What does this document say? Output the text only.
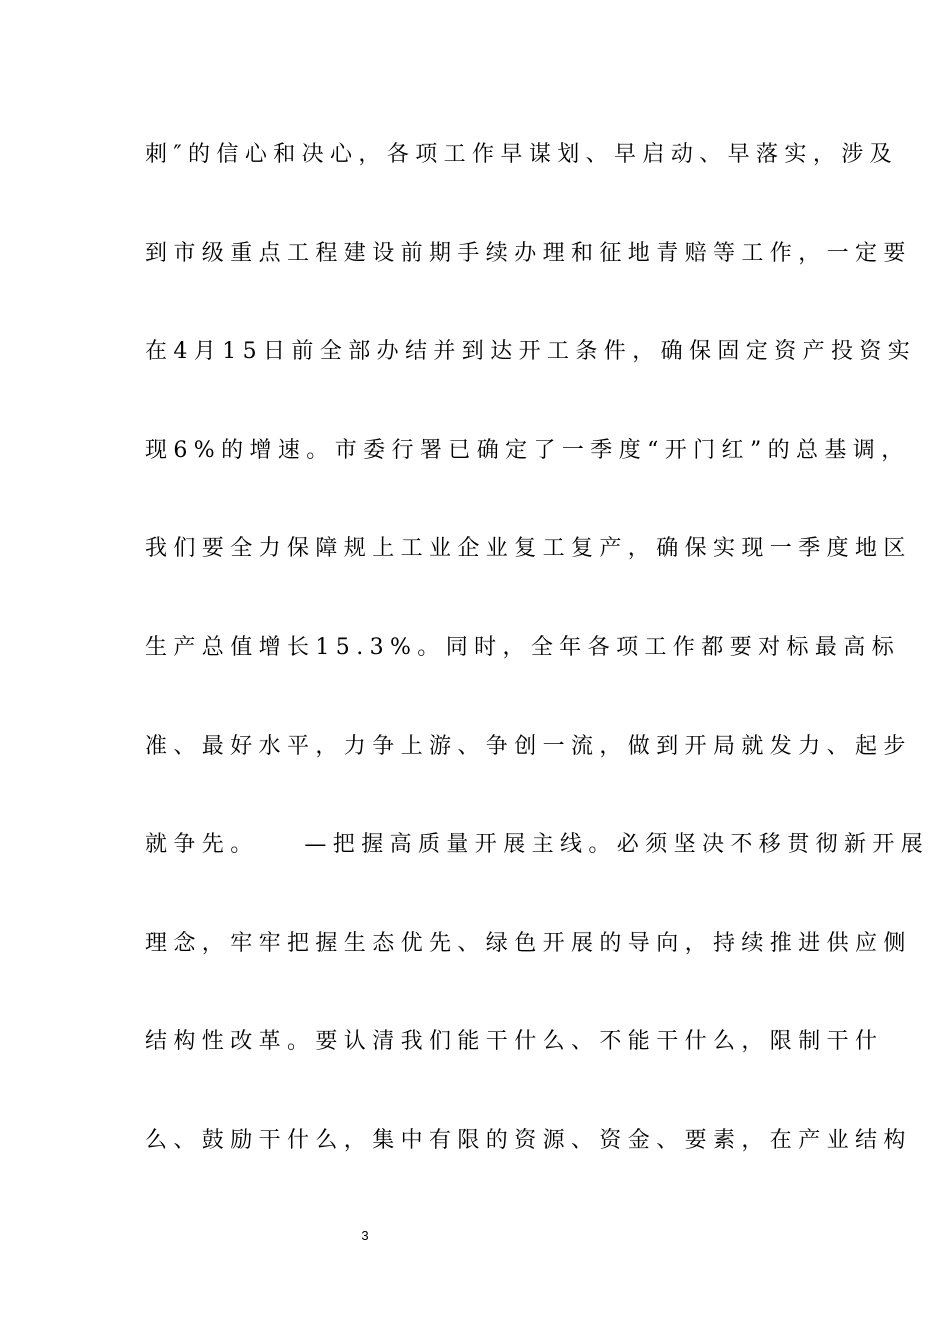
刺″的信心和决心，各项工作早谋划、早启动、早落实，涉及
到市级重点工程建设前期手续办理和征地青赔等工作，一定要
在4月15日前全部办结并到达开工条件，确保固定资产投资实
现6%的增速。市委行署已确定了一季度“开门红”的总基调，
我们要全力保障规上工业企业复工复产，确保实现一季度地区
生产总值增长15.3%。同时，全年各项工作都要对标最高标
准、最好水平，力争上游、争创一流，做到开局就发力、起步
就争先。　　—把握高质量开展主线。必须坚决不移贯彻新开展
理念，牢牢把握生态优先、绿色开展的导向，持续推进供应侧
结构性改革。要认清我们能干什么、不能干什么，限制干什
么、鼓励干什么，集中有限的资源、资金、要素，在产业结构
3
